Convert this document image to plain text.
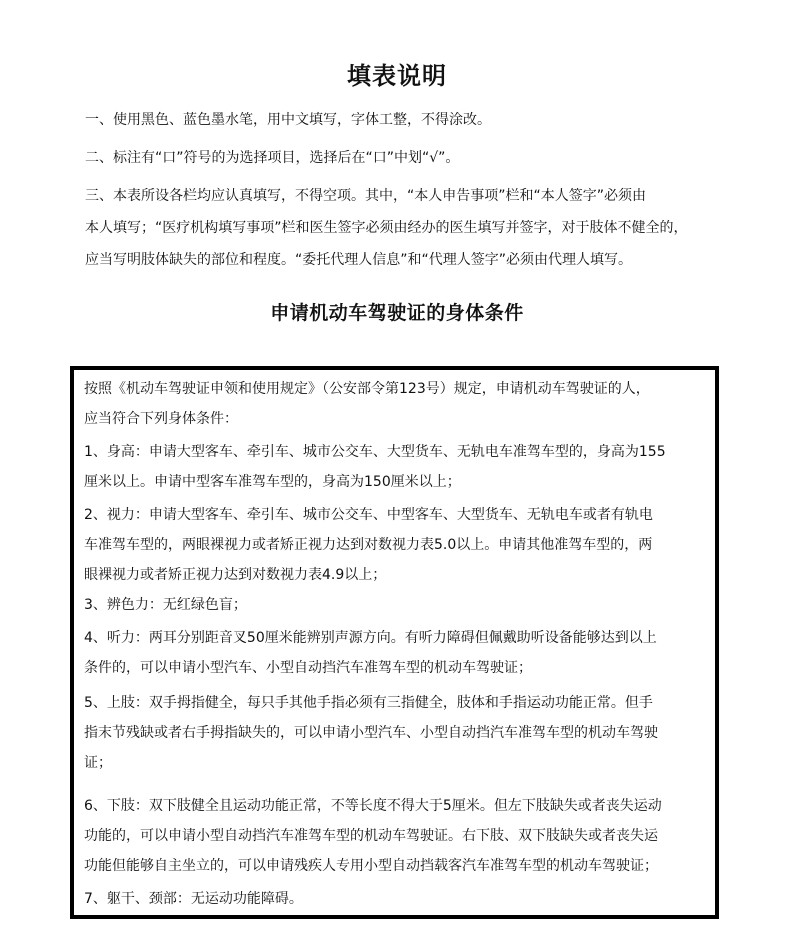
填表说明
一、使用黑色、蓝色墨水笔，用中文填写，字体工整，不得涂改。
二、标注有“口”符号的为选择项目，选择后在“口”中划“√”。
三、本表所设各栏均应认真填写，不得空项。其中，“本人申告事项”栏和“本人签字”必须由
本人填写；“医疗机构填写事项”栏和医生签字必须由经办的医生填写并签字，对于肢体不健全的，
应当写明肢体缺失的部位和程度。“委托代理人信息”和“代理人签字”必须由代理人填写。
申请机动车驾驶证的身体条件
按照《机动车驾驶证申领和使用规定》（公安部令第123号）规定，申请机动车驾驶证的人，
应当符合下列身体条件：
1、身高：申请大型客车、牵引车、城市公交车、大型货车、无轨电车准驾车型的，身高为155
厘米以上。申请中型客车准驾车型的，身高为150厘米以上；
2、视力：申请大型客车、牵引车、城市公交车、中型客车、大型货车、无轨电车或者有轨电
车准驾车型的，两眼裸视力或者矫正视力达到对数视力表5.0以上。申请其他准驾车型的，两
眼裸视力或者矫正视力达到对数视力表4.9以上；
3、辨色力：无红绿色盲；
4、听力：两耳分别距音叉50厘米能辨别声源方向。有听力障碍但佩戴助听设备能够达到以上
条件的，可以申请小型汽车、小型自动挡汽车准驾车型的机动车驾驶证；
5、上肢：双手拇指健全，每只手其他手指必须有三指健全，肢体和手指运动功能正常。但手
指末节残缺或者右手拇指缺失的，可以申请小型汽车、小型自动挡汽车准驾车型的机动车驾驶
证；
6、下肢：双下肢健全且运动功能正常，不等长度不得大于5厘米。但左下肢缺失或者丧失运动
功能的，可以申请小型自动挡汽车准驾车型的机动车驾驶证。右下肢、双下肢缺失或者丧失运
功能但能够自主坐立的，可以申请残疾人专用小型自动挡载客汽车准驾车型的机动车驾驶证；
7、躯干、颈部：无运动功能障碍。
